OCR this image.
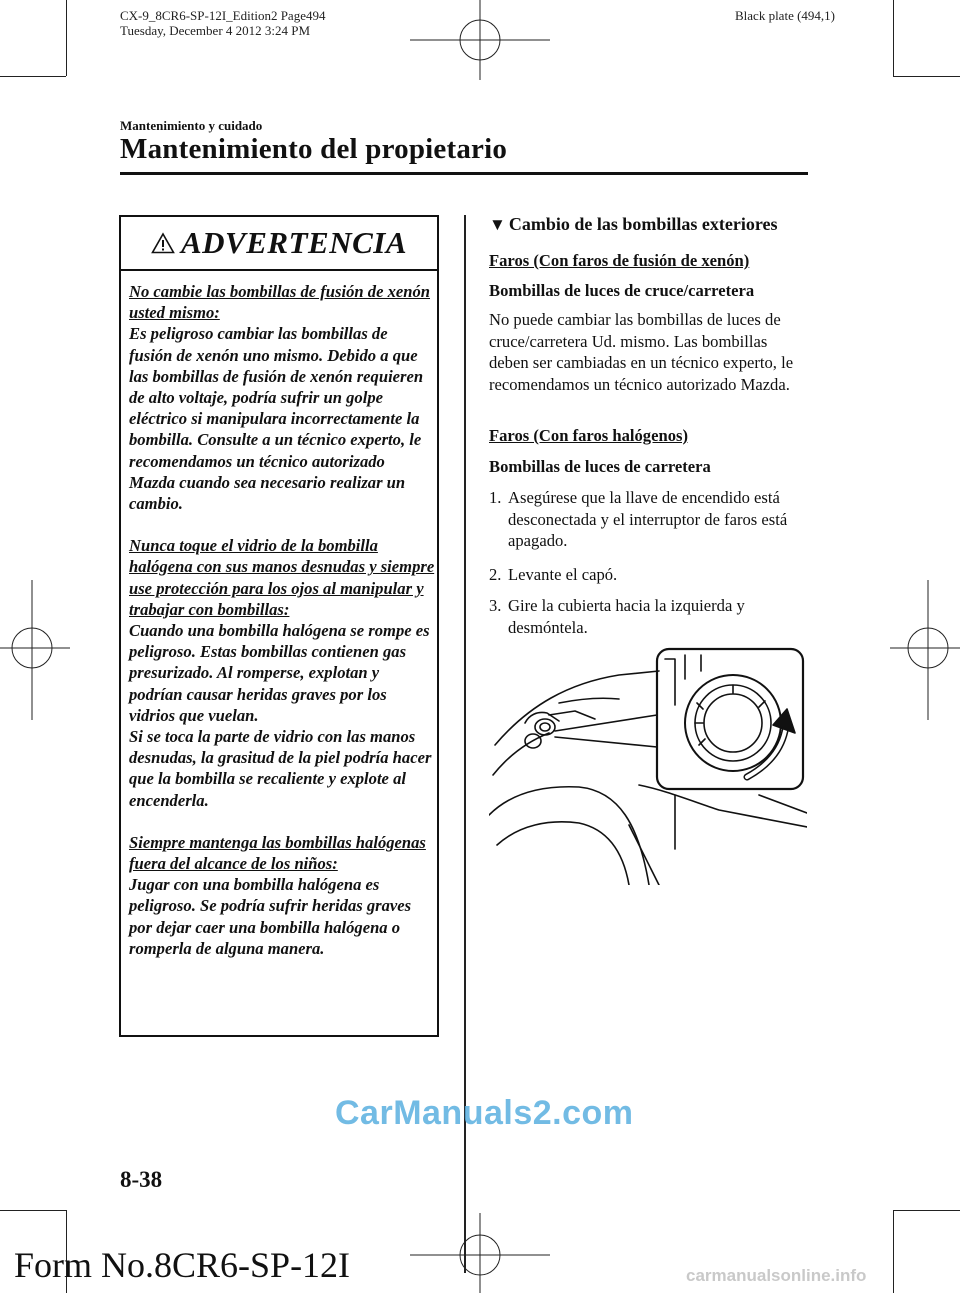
CX-9_8CR6-SP-12I_Edition2 Page494
Tuesday, December 4 2012 3:24 PM
Black plate (494,1)
Mantenimiento y cuidado
Mantenimiento del propietario
ADVERTENCIA

No cambie las bombillas de fusión de xenón usted mismo:

Es peligroso cambiar las bombillas de fusión de xenón uno mismo. Debido a que las bombillas de fusión de xenón requieren de alto voltaje, podría sufrir un golpe eléctrico si manipulara incorrectamente la bombilla. Consulte a un técnico experto, le recomendamos un técnico autorizado Mazda cuando sea necesario realizar un cambio.

Nunca toque el vidrio de la bombilla halógena con sus manos desnudas y siempre use protección para los ojos al manipular y trabajar con bombillas:

Cuando una bombilla halógena se rompe es peligroso. Estas bombillas contienen gas presurizado. Al romperse, explotan y podrían causar heridas graves por los vidrios que vuelan.

Si se toca la parte de vidrio con las manos desnudas, la grasitud de la piel podría hacer que la bombilla se recaliente y explote al encenderla.

Siempre mantenga las bombillas halógenas fuera del alcance de los niños:

Jugar con una bombilla halógena es peligroso. Se podría sufrir heridas graves por dejar caer una bombilla halógena o romperla de alguna manera.

▼ Cambio de las bombillas exteriores
Faros (Con faros de fusión de xenón)
Bombillas de luces de cruce/carretera
No puede cambiar las bombillas de luces de cruce/carretera Ud. mismo. Las bombillas deben ser cambiadas en un técnico experto, le recomendamos un técnico autorizado Mazda.
Faros (Con faros halógenos)
Bombillas de luces de carretera
1. Asegúrese que la llave de encendido está desconectada y el interruptor de faros está apagado.
2. Levante el capó.
3. Gire la cubierta hacia la izquierda y desmóntela.
8-38
Form No.8CR6-SP-12I
CarManuals2.com
carmanualsonline.info
